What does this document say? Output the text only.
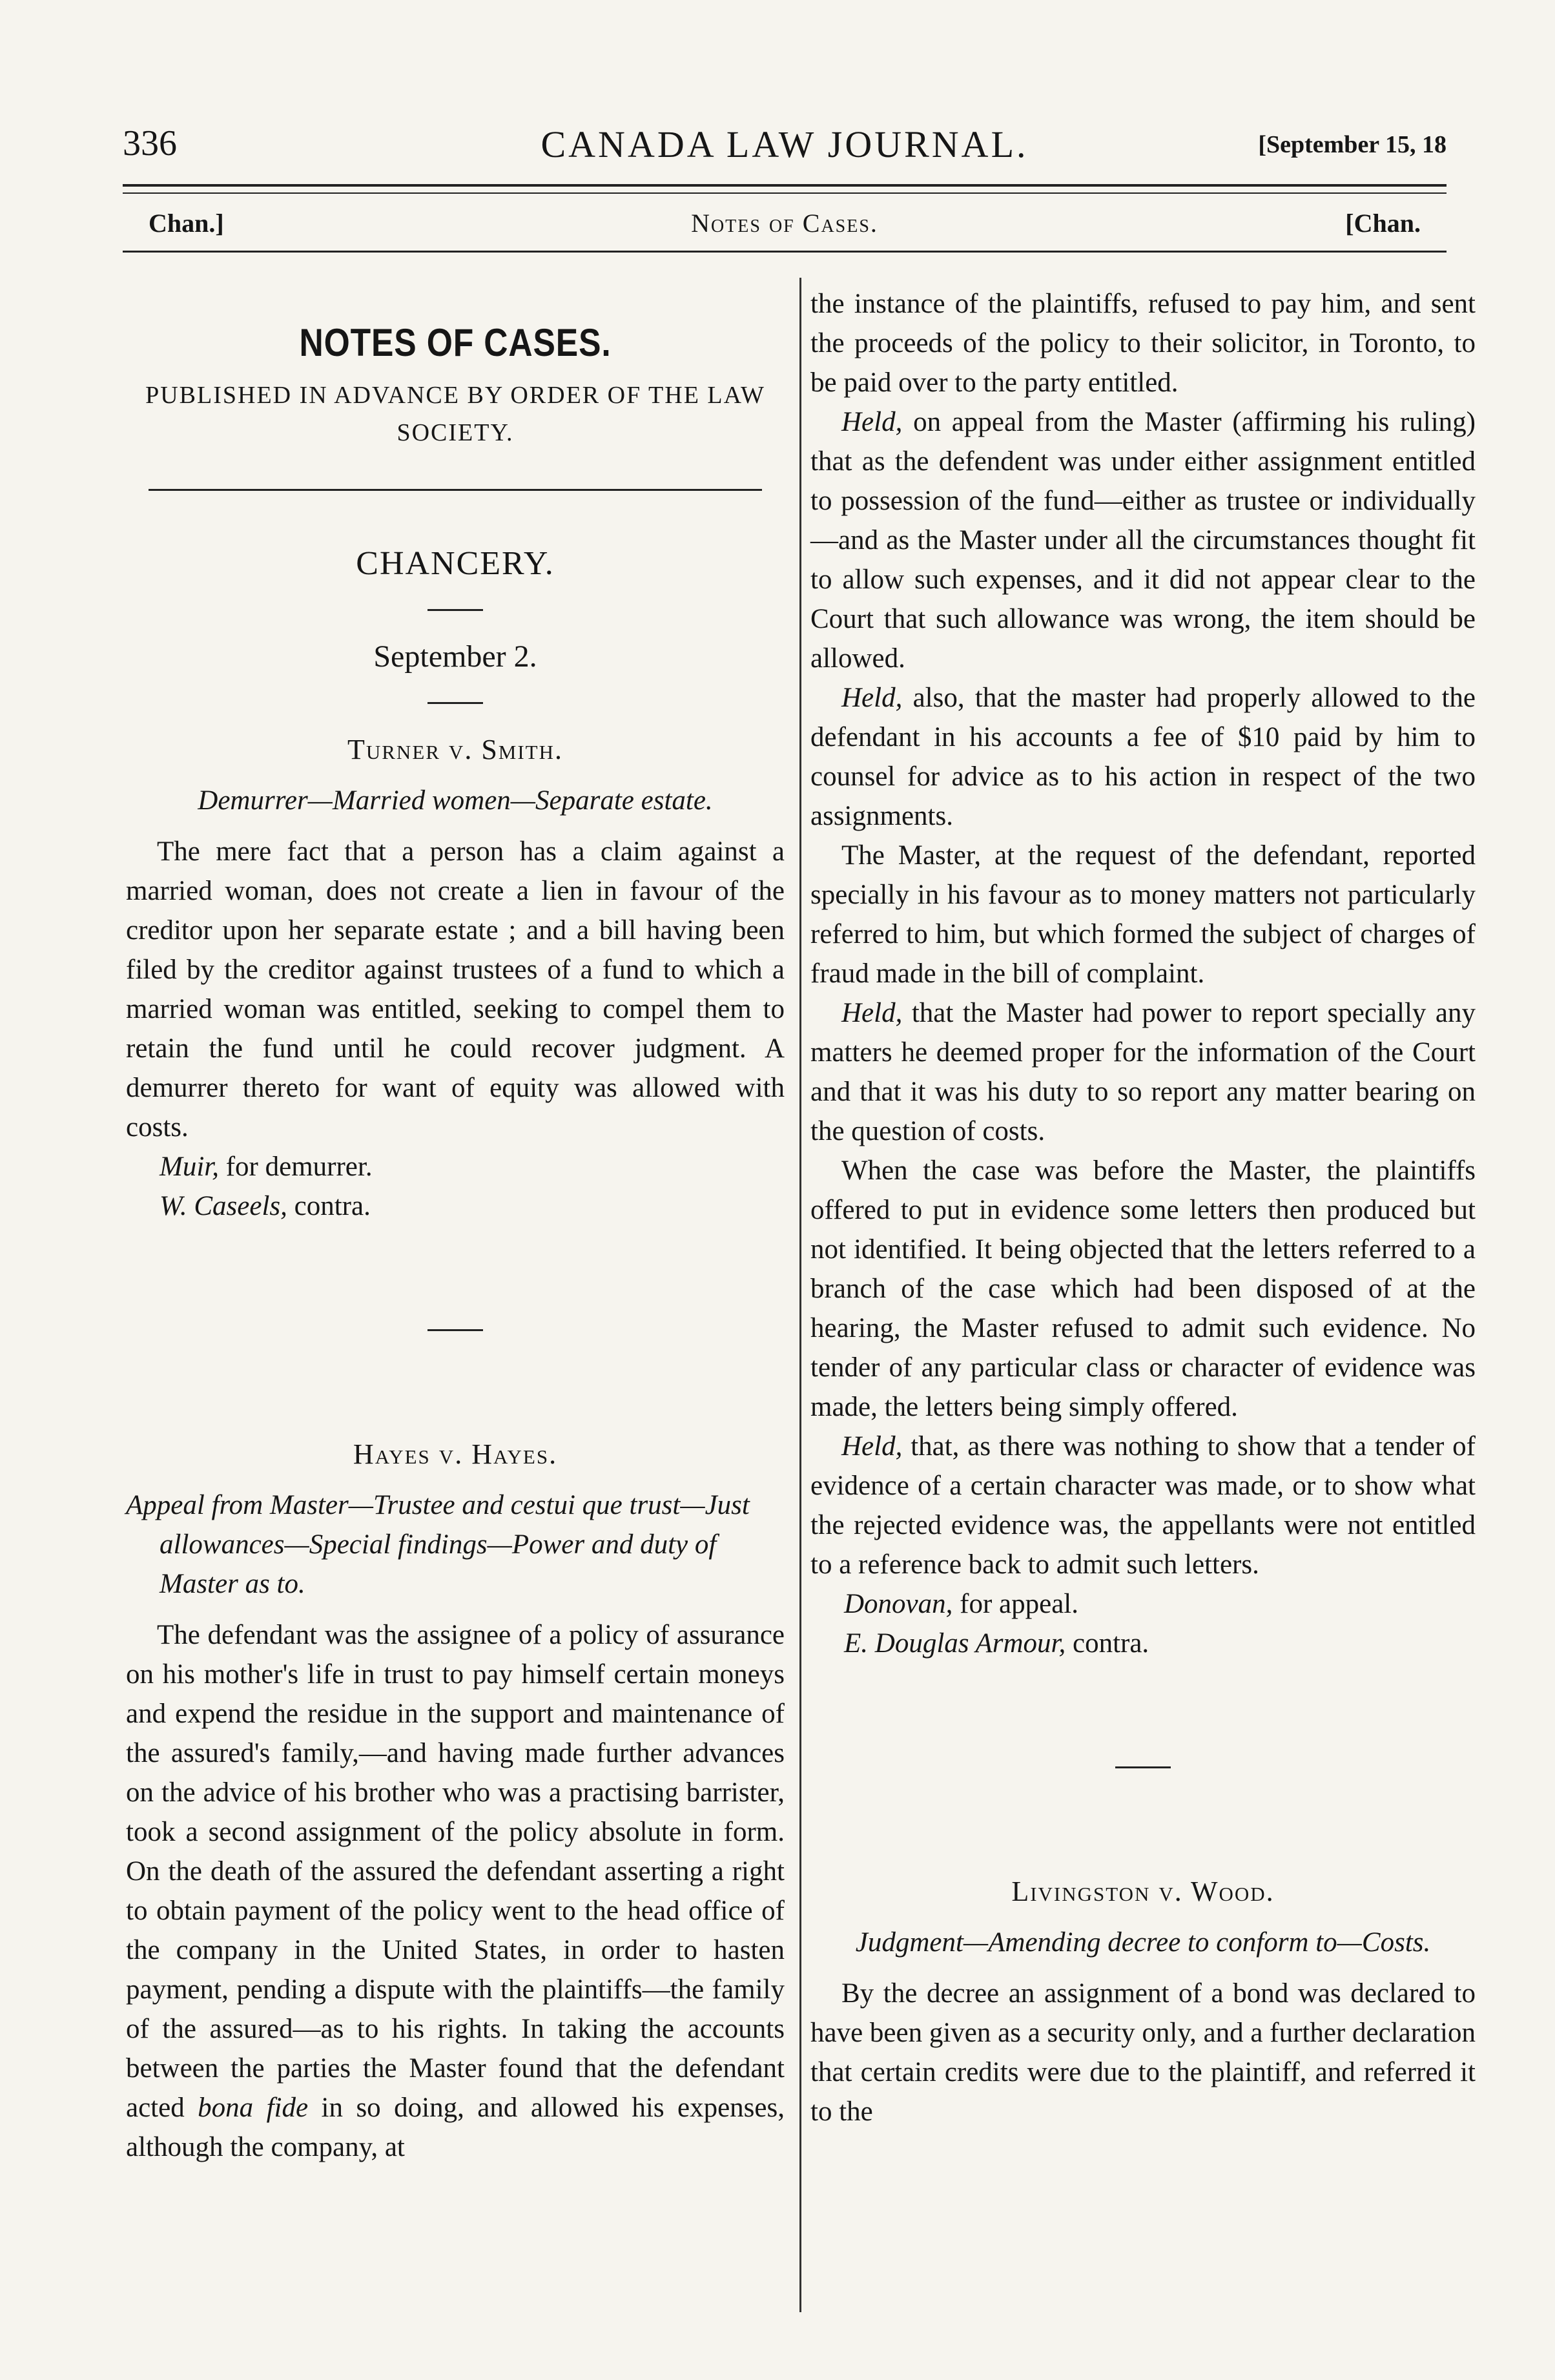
336	CANADA LAW JOURNAL.	[September 15, 18
Chan.]	Notes of Cases.	[Chan.
NOTES OF CASES.
PUBLISHED IN ADVANCE BY ORDER OF THE LAW SOCIETY.
CHANCERY.
September 2.
Turner v. Smith.

Demurrer—Married women—Separate estate.

The mere fact that a person has a claim against a married woman, does not create a lien in favour of the creditor upon her separate estate ; and a bill having been filed by the creditor against trustees of a fund to which a married woman was entitled, seeking to compel them to retain the fund until he could recover judgment. A demurrer thereto for want of equity was allowed with costs.

Muir, for demurrer.

W. Caseels, contra.

Hayes v. Hayes.

Appeal from Master—Trustee and cestui que trust—Just allowances—Special findings—Power and duty of Master as to.

The defendant was the assignee of a policy of assurance on his mother's life in trust to pay himself certain moneys and expend the residue in the support and maintenance of the assured's family,—and having made further advances on the advice of his brother who was a practising barrister, took a second assignment of the policy absolute in form. On the death of the assured the defendant asserting a right to obtain payment of the policy went to the head office of the company in the United States, in order to hasten payment, pending a dispute with the plaintiffs—the family of the assured—as to his rights. In taking the accounts between the parties the Master found that the defendant acted bona fide in so doing, and allowed his expenses, although the company, at

the instance of the plaintiffs, refused to pay him, and sent the proceeds of the policy to their solicitor, in Toronto, to be paid over to the party entitled.

Held, on appeal from the Master (affirming his ruling) that as the defendent was under either assignment entitled to possession of the fund—either as trustee or individually—and as the Master under all the circumstances thought fit to allow such expenses, and it did not appear clear to the Court that such allowance was wrong, the item should be allowed.

Held, also, that the master had properly allowed to the defendant in his accounts a fee of $10 paid by him to counsel for advice as to his action in respect of the two assignments.

The Master, at the request of the defendant, reported specially in his favour as to money matters not particularly referred to him, but which formed the subject of charges of fraud made in the bill of complaint.

Held, that the Master had power to report specially any matters he deemed proper for the information of the Court and that it was his duty to so report any matter bearing on the question of costs.

When the case was before the Master, the plaintiffs offered to put in evidence some letters then produced but not identified. It being objected that the letters referred to a branch of the case which had been disposed of at the hearing, the Master refused to admit such evidence. No tender of any particular class or character of evidence was made, the letters being simply offered.

Held, that, as there was nothing to show that a tender of evidence of a certain character was made, or to show what the rejected evidence was, the appellants were not entitled to a reference back to admit such letters.

Donovan, for appeal.

E. Douglas Armour, contra.

Livingston v. Wood.

Judgment—Amending decree to conform to—Costs.

By the decree an assignment of a bond was declared to have been given as a security only, and a further declaration that certain credits were due to the plaintiff, and referred it to the
